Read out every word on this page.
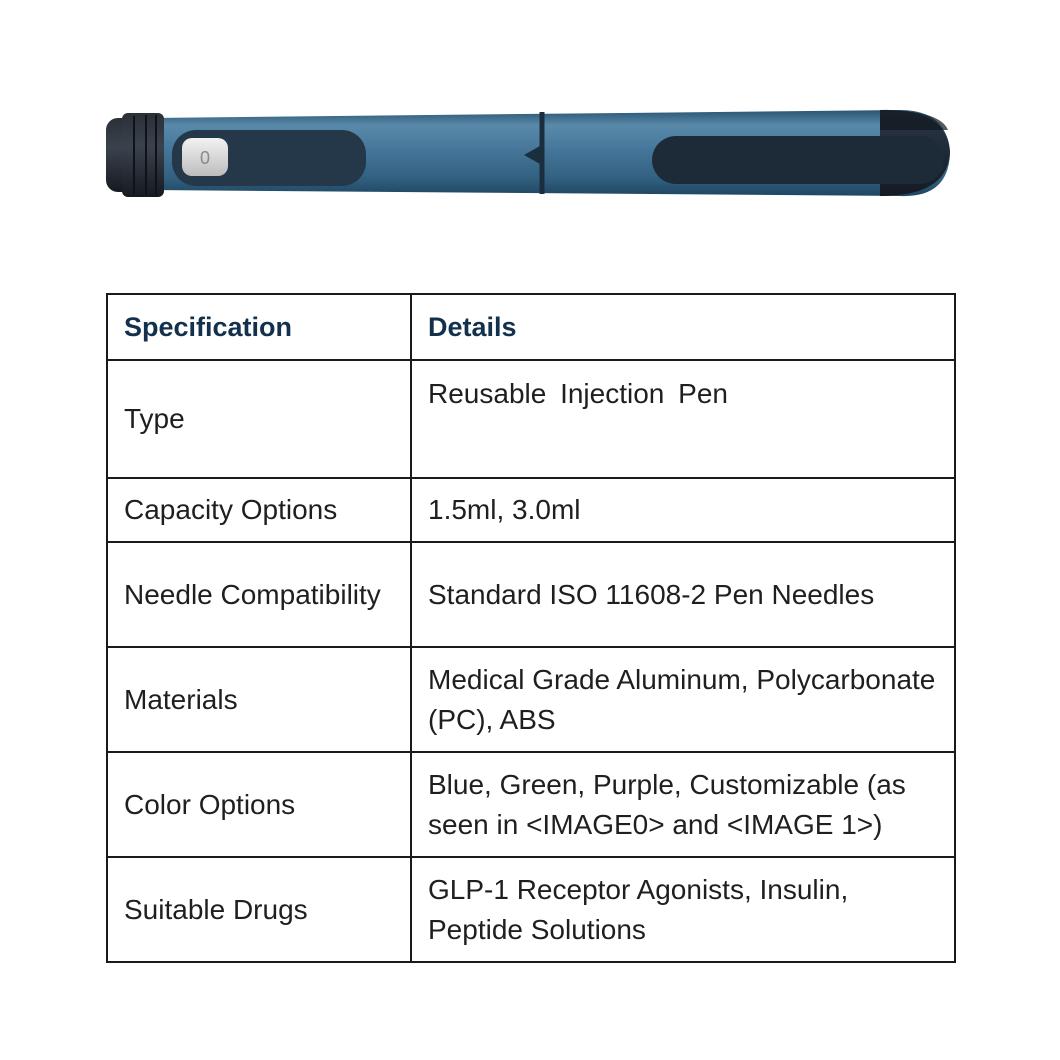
0
Specification	Details
Type	Reusable Injection Pen
Capacity Options	1.5ml, 3.0ml
Needle Compatibility	Standard ISO 11608-2 Pen Needles
Materials	Medical Grade Aluminum, Polycarbonate (PC), ABS
Color Options	Blue, Green, Purple, Customizable (as seen in <IMAGE0> and <IMAGE 1>)
Suitable Drugs	GLP-1 Receptor Agonists, Insulin, Peptide Solutions
